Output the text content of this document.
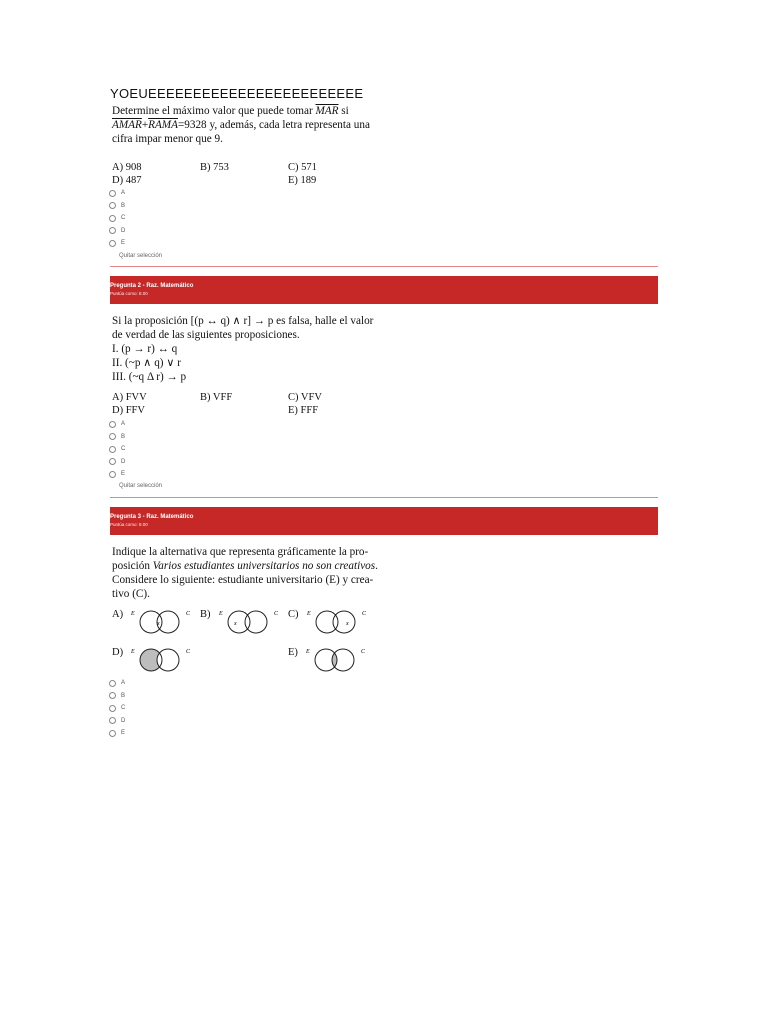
YOEUEEEEEEEEEEEEEEEEEEEEEEEE
Determine el máximo valor que puede tomar $\overline{MAR}$ si
AMAR+RAMA=9328 y, además, cada letra representa una
cifra impar menor que 9.
A) 908	B) 753	C) 571
D) 487	E) 189
A
B
C
D
E
Quitar selección
Pregunta 2 - Raz. Matemático
Puntúa como: 8.00
Si la proposición [(p ↔ q) ∧ r] → p es falsa, halle el valor
de verdad de las siguientes proposiciones.
I. (p → r) ↔ q
II. (~p ∧ q) ∨ r
III. (~q Δ r) → p
A) FVV	B) VFF	C) VFV
D) FFV	E) FFF
A
B
C
D
E
Quitar selección
Pregunta 3 - Raz. Matemático
Puntúa como: 8.00
Indique la alternativa que representa gráficamente la pro-
posición Varios estudiantes universitarios no son creativos.
Considere lo siguiente: estudiante universitario (E) y crea-
tivo (C).
A) E	C
x
B) E	C
x
C) E	C
x
D) E	C	E) E	C
A
B
C
D
E
